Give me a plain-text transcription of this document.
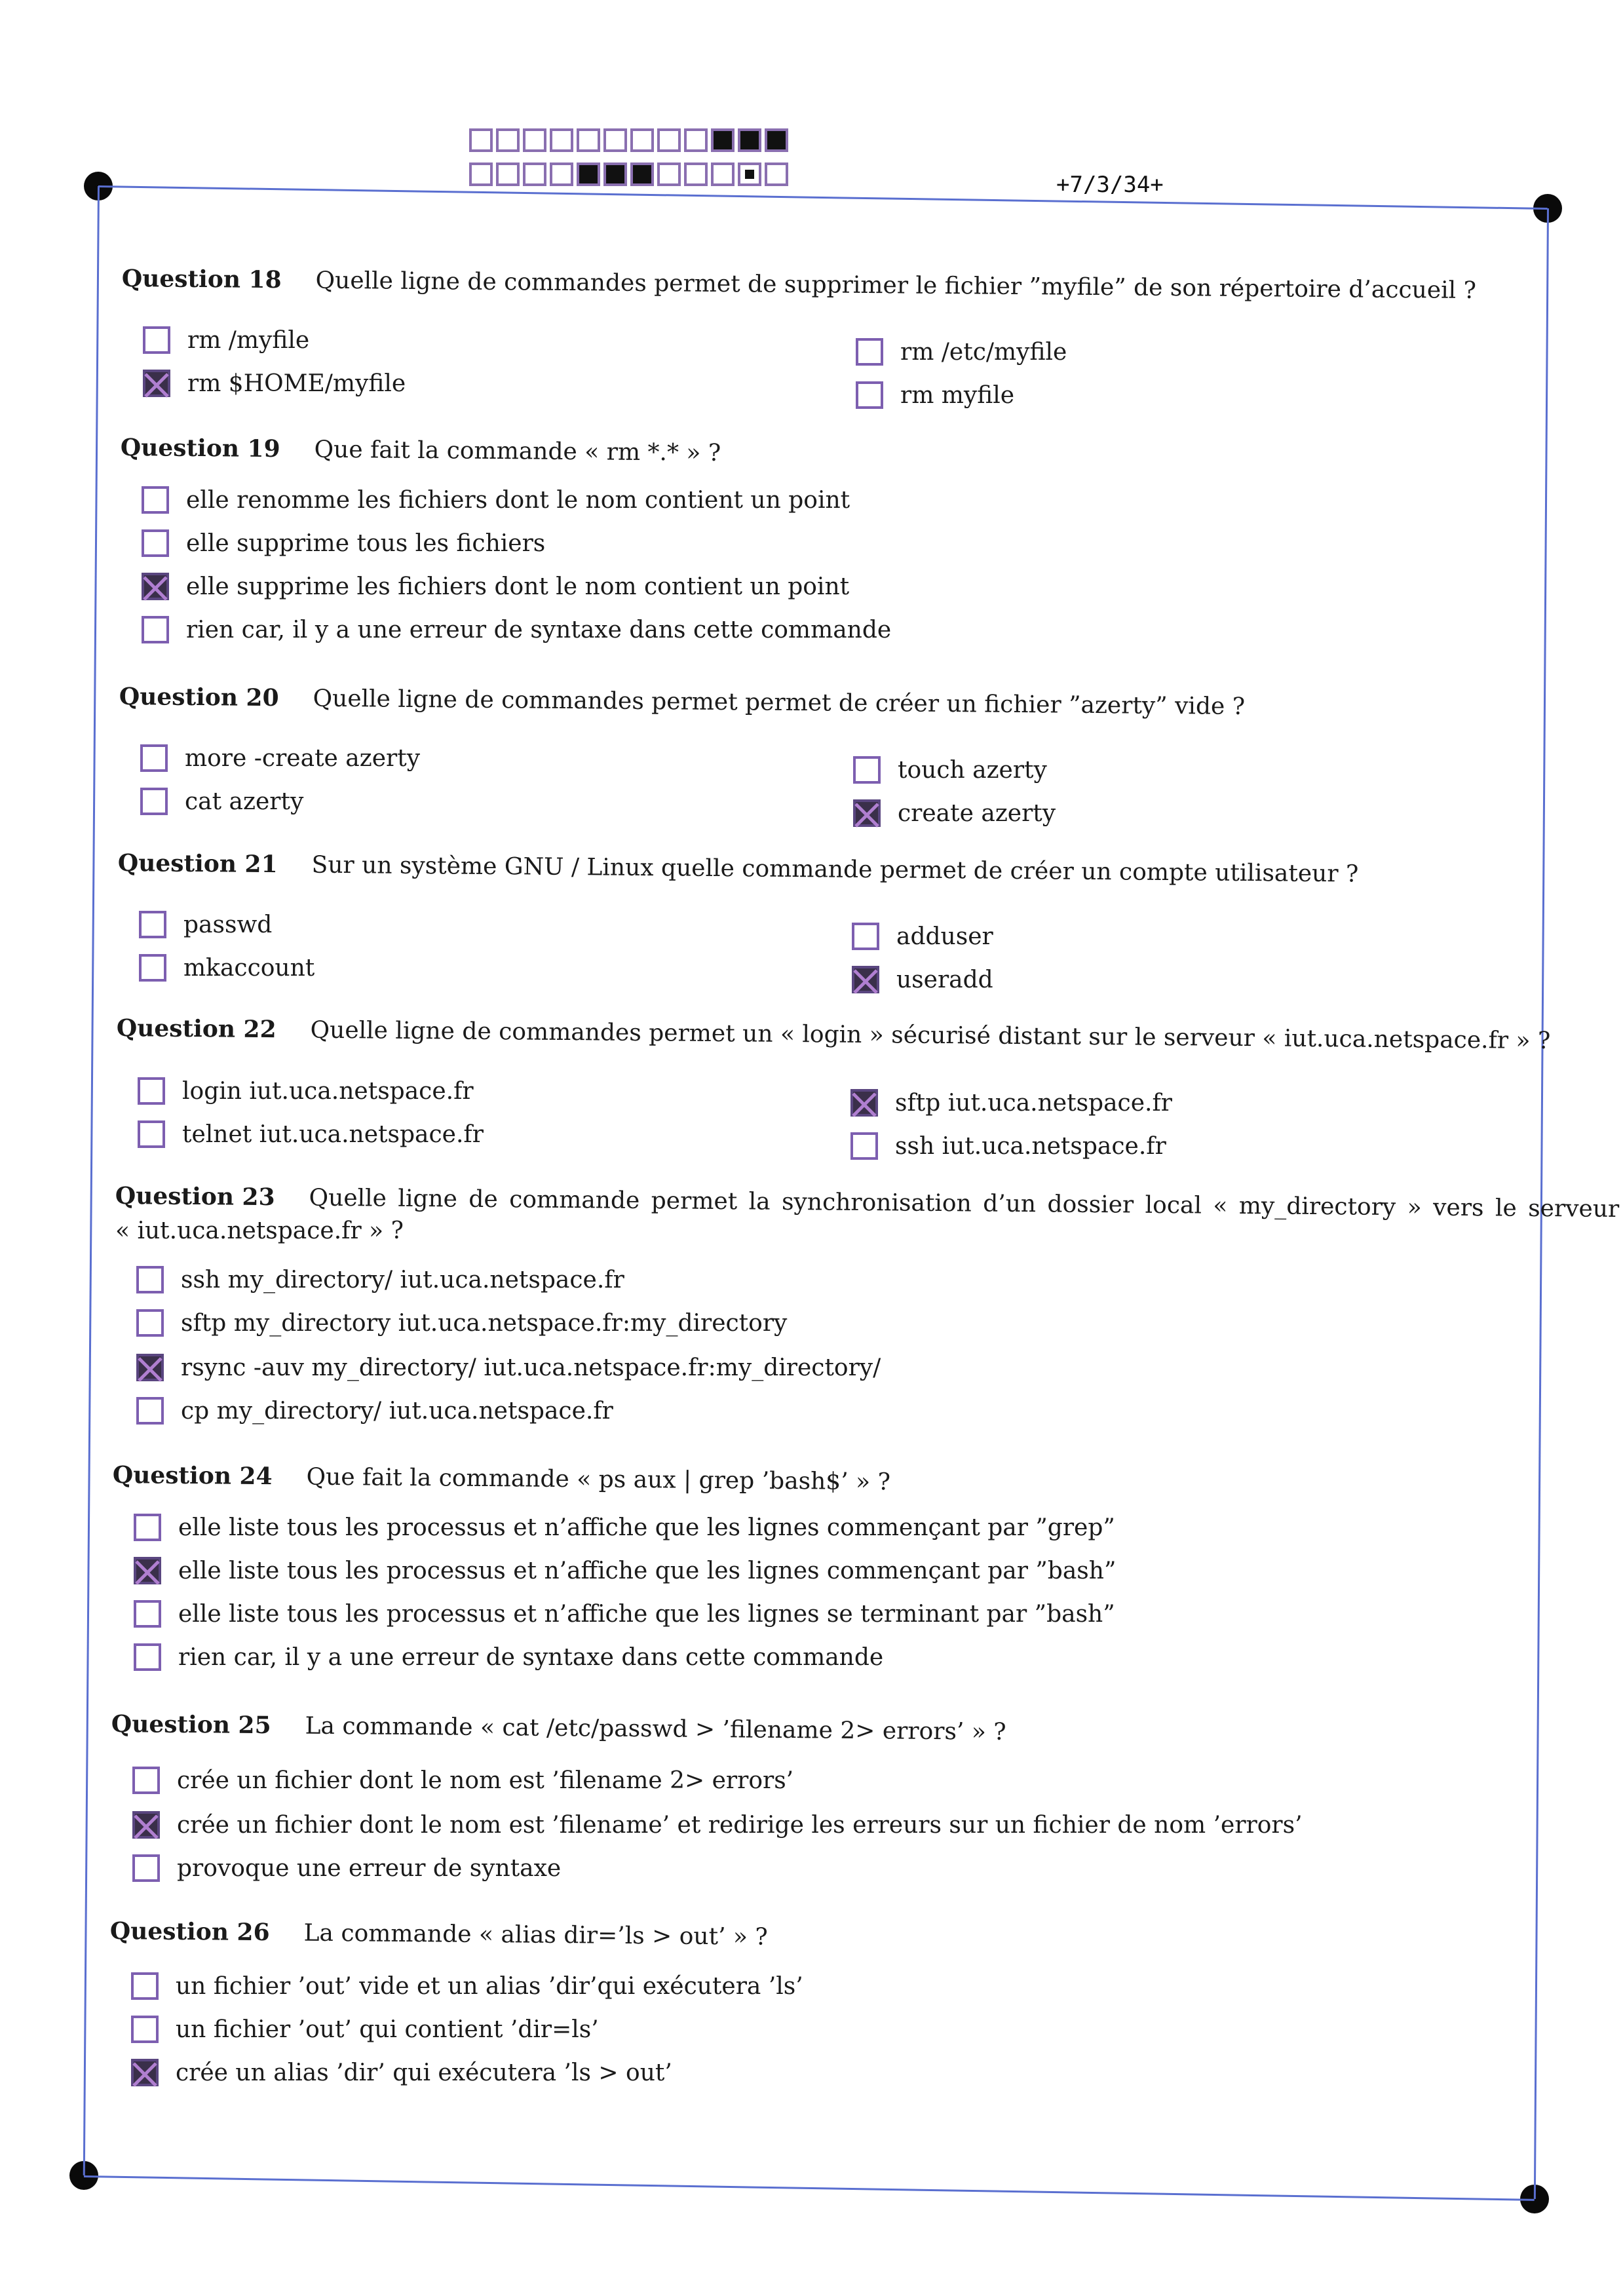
+7/3/34+
Question 18 Quelle ligne de commandes permet de supprimer le fichier ”myfile” de son répertoire d’accueil ?
rm /myfile
rm $HOME/myfile
rm /etc/myfile
rm myfile
Question 19 Que fait la commande « rm *.* » ?
elle renomme les fichiers dont le nom contient un point
elle supprime tous les fichiers
elle supprime les fichiers dont le nom contient un point
rien car, il y a une erreur de syntaxe dans cette commande
Question 20 Quelle ligne de commandes permet permet de créer un fichier ”azerty” vide ?
more -create azerty
cat azerty
touch azerty
create azerty
Question 21 Sur un système GNU / Linux quelle commande permet de créer un compte utilisateur ?
passwd
mkaccount
adduser
useradd
Question 22 Quelle ligne de commandes permet un « login » sécurisé distant sur le serveur « iut.uca.netspace.fr » ?
login iut.uca.netspace.fr
telnet iut.uca.netspace.fr
sftp iut.uca.netspace.fr
ssh iut.uca.netspace.fr
Question 23 Quelle ligne de commande permet la synchronisation d’un dossier local « my_directory » vers le serveur
« iut.uca.netspace.fr » ?
ssh my_directory/ iut.uca.netspace.fr
sftp my_directory iut.uca.netspace.fr:my_directory
rsync -auv my_directory/ iut.uca.netspace.fr:my_directory/
cp my_directory/ iut.uca.netspace.fr
Question 24 Que fait la commande « ps aux | grep ’bash$’ » ?
elle liste tous les processus et n’affiche que les lignes commençant par ”grep”
elle liste tous les processus et n’affiche que les lignes commençant par ”bash”
elle liste tous les processus et n’affiche que les lignes se terminant par ”bash”
rien car, il y a une erreur de syntaxe dans cette commande
Question 25 La commande « cat /etc/passwd > ’filename 2> errors’ » ?
crée un fichier dont le nom est ’filename 2> errors’
crée un fichier dont le nom est ’filename’ et redirige les erreurs sur un fichier de nom ’errors’
provoque une erreur de syntaxe
Question 26 La commande « alias dir=’ls > out’ » ?
un fichier ’out’ vide et un alias ’dir’qui exécutera ’ls’
un fichier ’out’ qui contient ’dir=ls’
crée un alias ’dir’ qui exécutera ’ls > out’
